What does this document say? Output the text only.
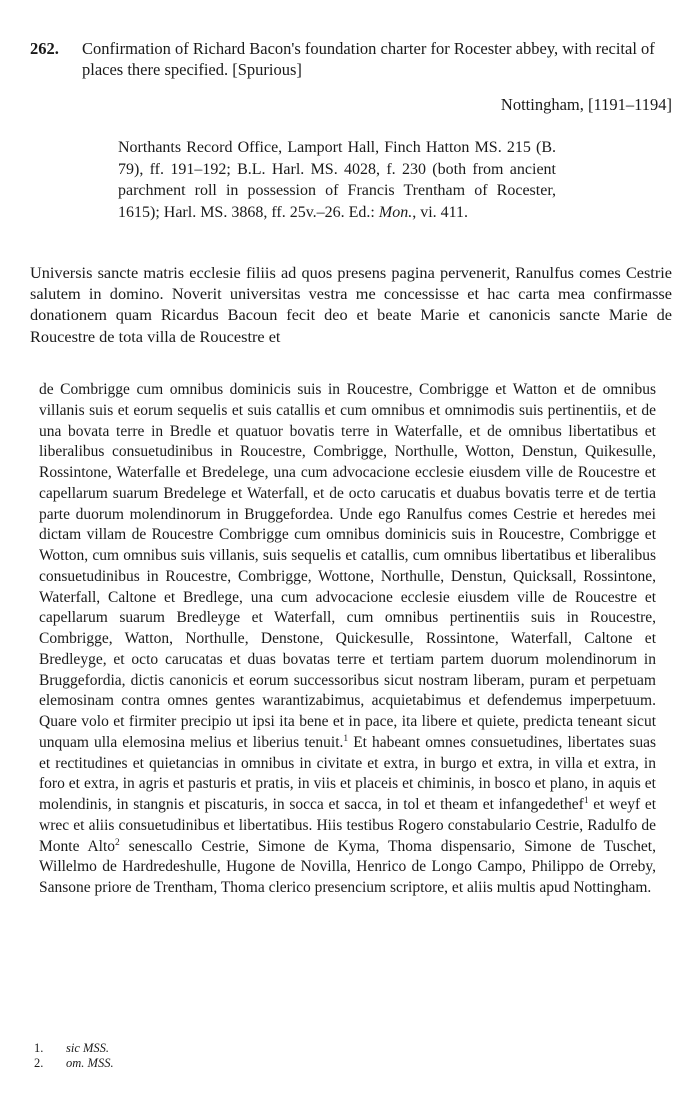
262. Confirmation of Richard Bacon's foundation charter for Rocester abbey, with recital of places there specified. [Spurious]
Nottingham, [1191–1194]
Northants Record Office, Lamport Hall, Finch Hatton MS. 215 (B. 79), ff. 191–192; B.L. Harl. MS. 4028, f. 230 (both from ancient parchment roll in possession of Francis Trentham of Rocester, 1615); Harl. MS. 3868, ff. 25v.–26. Ed.: Mon., vi. 411.

Universis sancte matris ecclesie filiis ad quos presens pagina pervenerit, Ranulfus comes Cestrie salutem in domino. Noverit universitas vestra me concessisse et hac carta mea confirmasse donationem quam Ricardus Bacoun fecit deo et beate Marie et canonicis sancte Marie de Roucestre de tota villa de Roucestre et

de Combrigge cum omnibus dominicis suis in Roucestre, Combrigge et Watton et de omnibus villanis suis et eorum sequelis et suis catallis et cum omnibus et omnimodis suis pertinentiis, et de una bovata terre in Bredle et quatuor bovatis terre in Waterfalle, et de omnibus libertatibus et liberalibus consuetudinibus in Roucestre, Combrigge, Northulle, Wotton, Denstun, Quikesulle, Rossintone, Waterfalle et Bredelege, una cum advocacione ecclesie eiusdem ville de Roucestre et capellarum suarum Bredelege et Waterfall, et de octo carucatis et duabus bovatis terre et de tertia parte duorum molendinorum in Bruggefordea. Unde ego Ranulfus comes Cestrie et heredes mei dictam villam de Roucestre Combrigge cum omnibus dominicis suis in Roucestre, Combrigge et Wotton, cum omnibus suis villanis, suis sequelis et catallis, cum omnibus libertatibus et liberalibus consuetudinibus in Roucestre, Combrigge, Wottone, Northulle, Denstun, Quicksall, Rossintone, Waterfall, Caltone et Bredlege, una cum advocacione ecclesie eiusdem ville de Roucestre et capellarum suarum Bredleyge et Waterfall, cum omnibus pertinentiis suis in Roucestre, Combrigge, Watton, Northulle, Denstone, Quickesulle, Rossintone, Waterfall, Caltone et Bredleyge, et octo carucatas et duas bovatas terre et tertiam partem duorum molendinorum in Bruggefordia, dictis canonicis et eorum successoribus sicut nostram liberam, puram et perpetuam elemosinam contra omnes gentes warantizabimus, acquietabimus et defendemus imperpetuum. Quare volo et firmiter precipio ut ipsi ita bene et in pace, ita libere et quiete, predicta teneant sicut unquam ulla elemosina melius et liberius tenuit.$^1$ Et habeant omnes consuetudines, libertates suas et rectitudines et quietancias in omnibus in civitate et extra, in burgo et extra, in villa et extra, in foro et extra, in agris et pasturis et pratis, in viis et placeis et chiminis, in bosco et plano, in aquis et molendinis, in stangnis et piscaturis, in socca et sacca, in tol et theam et infangedethef$^1$ et weyf et wrec et aliis consuetudinibus et libertatibus. Hiis testibus Rogero constabulario Cestrie, Radulfo de Monte Alto$^2$ senescallo Cestrie, Simone de Kyma, Thoma dispensario, Simone de Tuschet, Willelmo de Hardredeshulle, Hugone de Novilla, Henrico de Longo Campo, Philippo de Orreby, Sansone priore de Trentham, Thoma clerico presencium scriptore, et aliis multis apud Nottingham.

1. sic MSS.
2. om. MSS.
